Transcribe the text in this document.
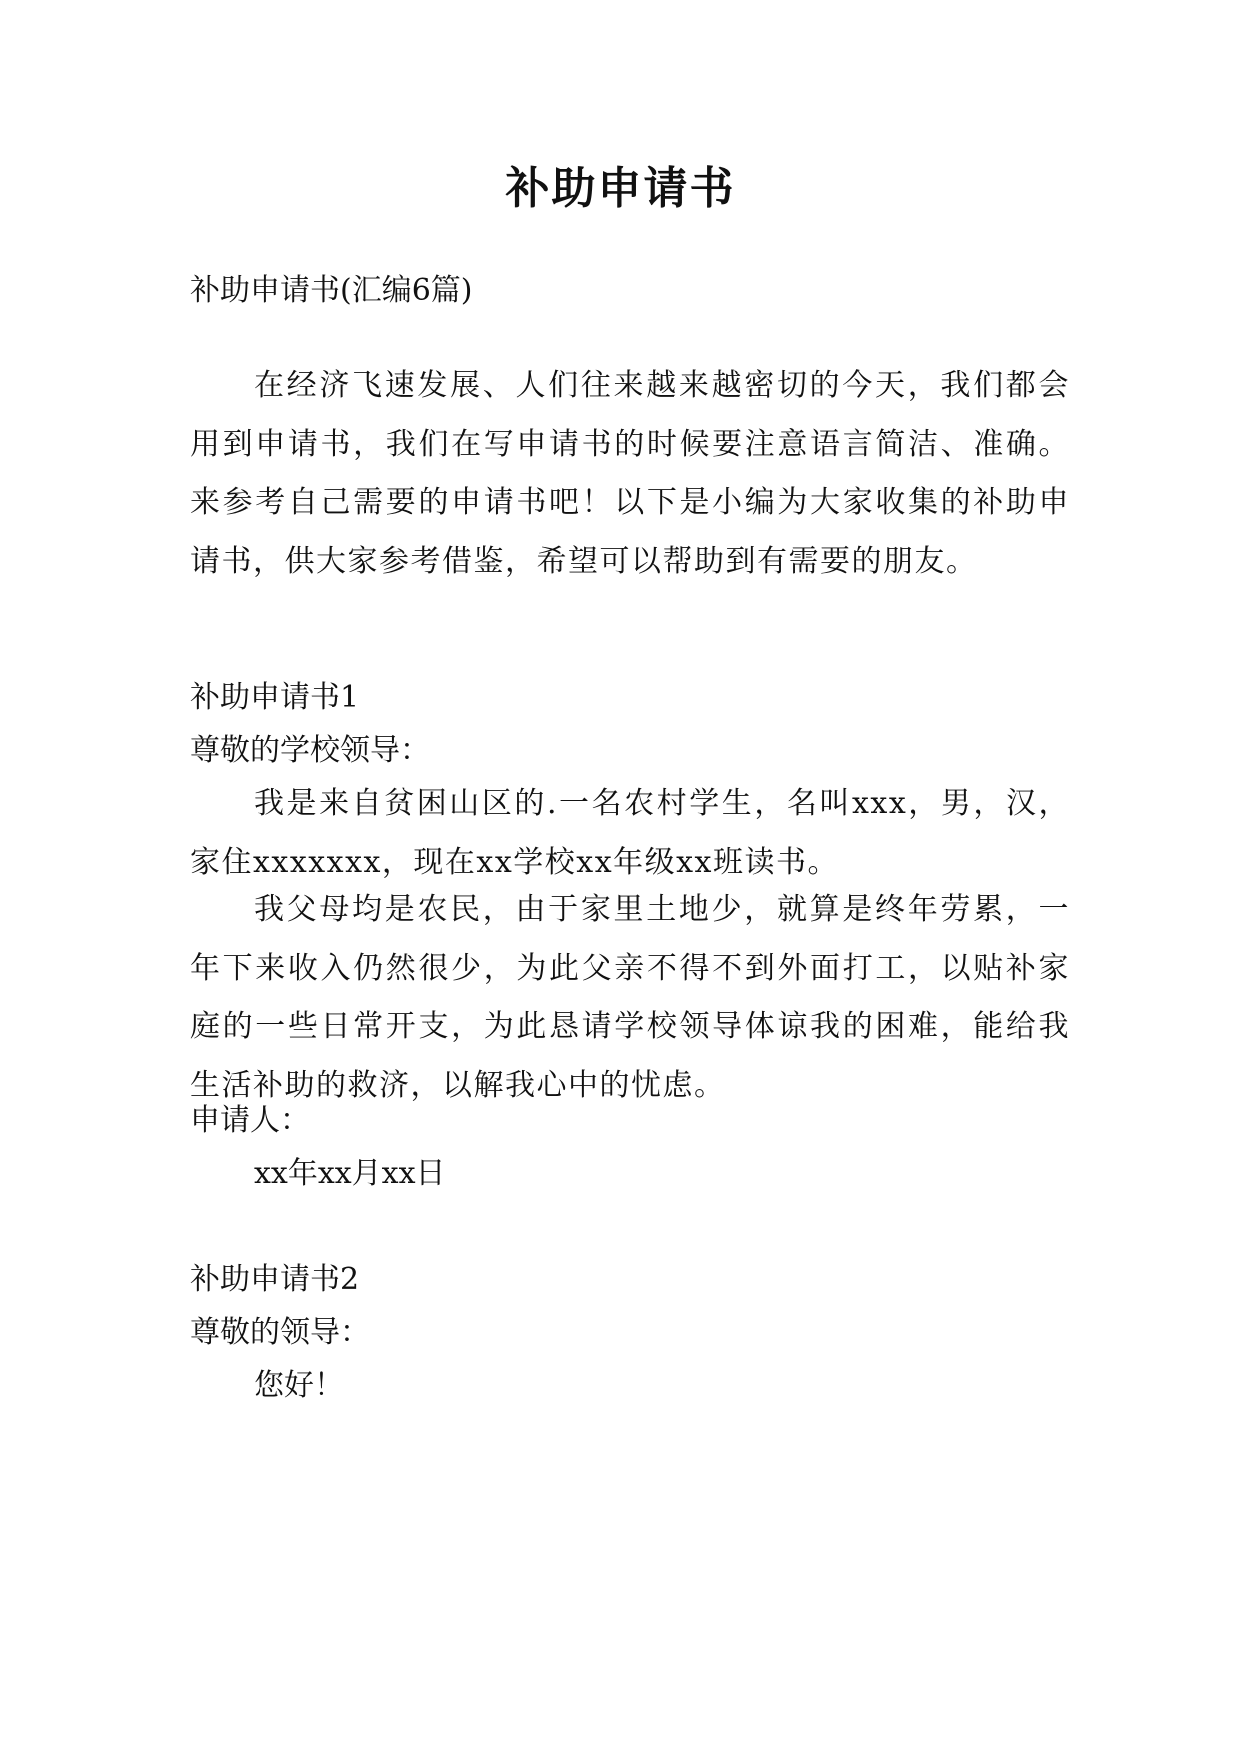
补助申请书

补助申请书(汇编6篇)

在经济飞速发展、人们往来越来越密切的今天，我们都会用到申请书，我们在写申请书的时候要注意语言简洁、准确。来参考自己需要的申请书吧！以下是小编为大家收集的补助申请书，供大家参考借鉴，希望可以帮助到有需要的朋友。

补助申请书1

尊敬的学校领导：

我是来自贫困山区的.一名农村学生，名叫xxx，男，汉，家住xxxxxxx，现在xx学校xx年级xx班读书。

我父母均是农民，由于家里土地少，就算是终年劳累，一年下来收入仍然很少，为此父亲不得不到外面打工，以贴补家庭的一些日常开支，为此恳请学校领导体谅我的困难，能给我生活补助的救济，以解我心中的忧虑。

申请人：

xx年xx月xx日

补助申请书2

尊敬的领导：

您好！
